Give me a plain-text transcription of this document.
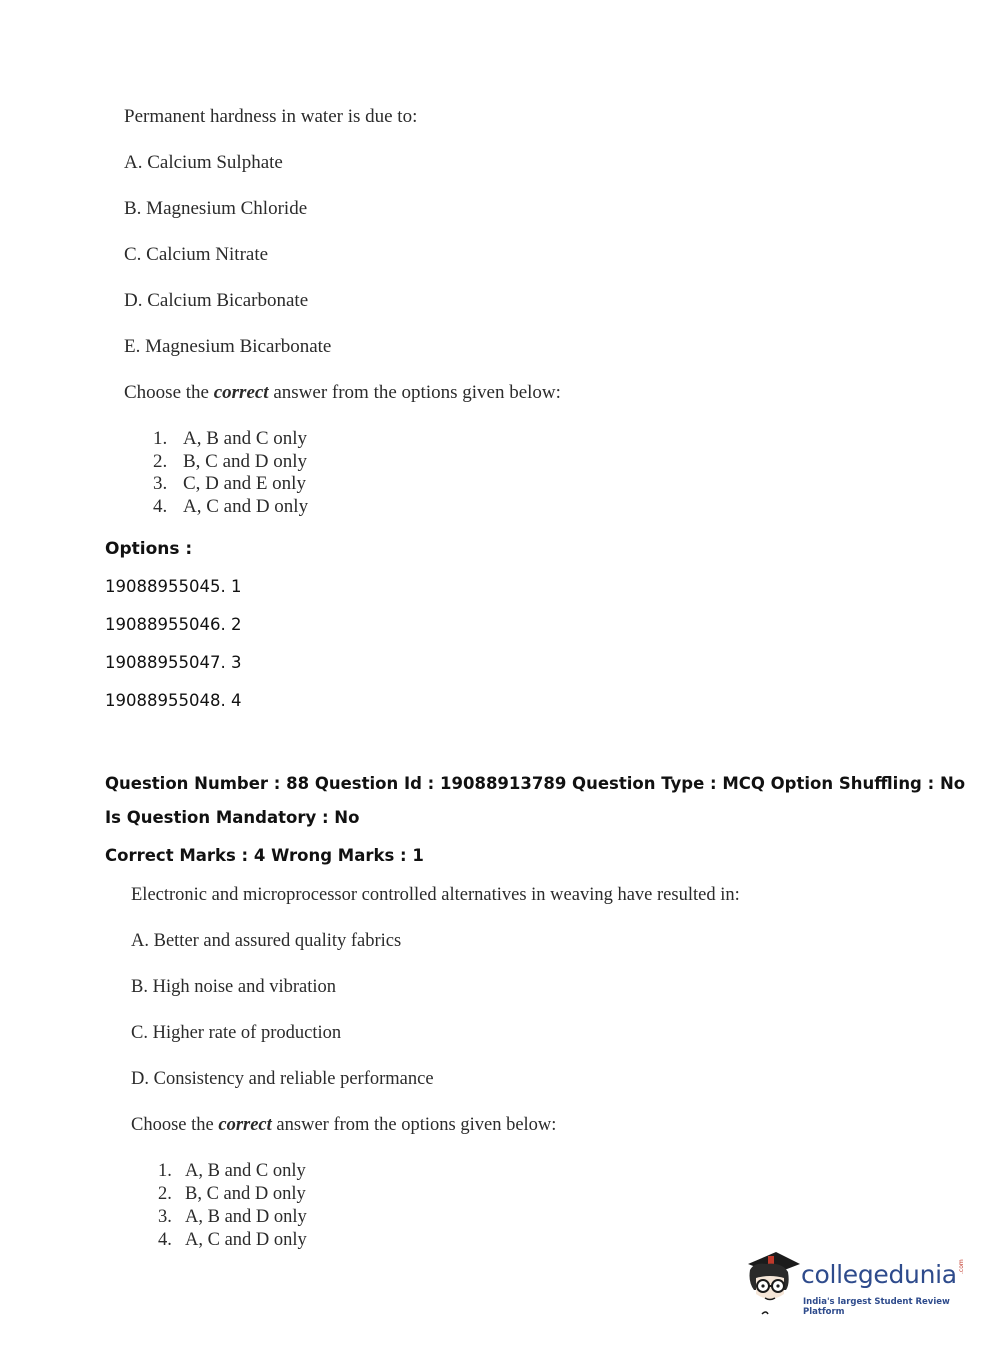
Permanent hardness in water is due to:
A. Calcium Sulphate
B. Magnesium Chloride
C. Calcium Nitrate
D. Calcium Bicarbonate
E. Magnesium Bicarbonate
Choose the correct answer from the options given below:
1. A, B and C only
2. B, C and D only
3. C, D and E only
4. A, C and D only
Options :
19088955045. 1
19088955046. 2
19088955047. 3
19088955048. 4
Question Number : 88 Question Id : 19088913789 Question Type : MCQ Option Shuffling : No
Is Question Mandatory : No
Correct Marks : 4 Wrong Marks : 1
Electronic and microprocessor controlled alternatives in weaving have resulted in:
A. Better and assured quality fabrics
B. High noise and vibration
C. Higher rate of production
D. Consistency and reliable performance
Choose the correct answer from the options given below:
1. A, B and C only
2. B, C and D only
3. A, B and D only
4. A, C and D only
collegedunia .com
India's largest Student Review Platform
